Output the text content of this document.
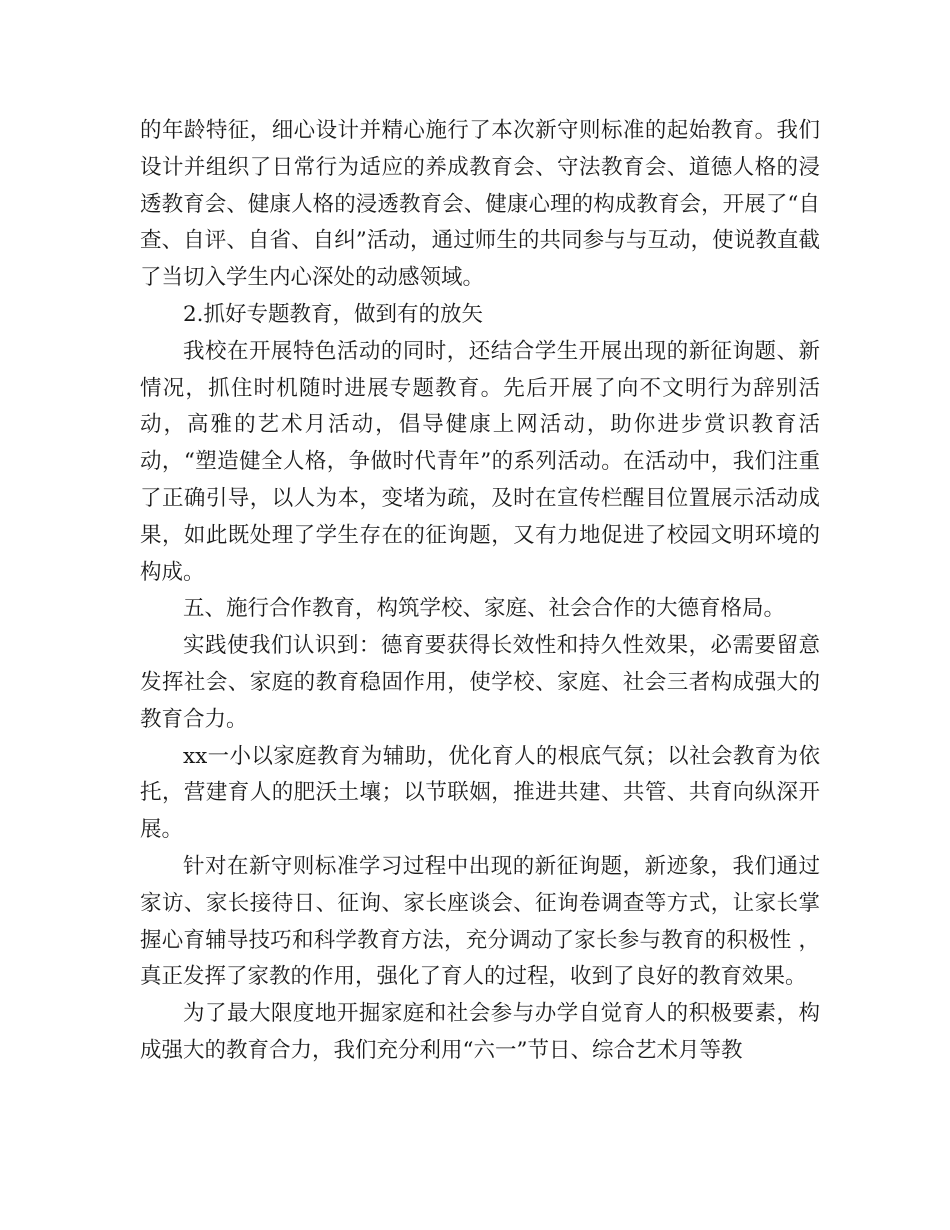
的年龄特征，细心设计并精心施行了本次新守则标准的起始教育。我们设计并组织了日常行为适应的养成教育会、守法教育会、道德人格的浸透教育会、健康人格的浸透教育会、健康心理的构成教育会，开展了“自查、自评、自省、自纠”活动，通过师生的共同参与与互动，使说教直截了当切入学生内心深处的动感领域。

2.抓好专题教育，做到有的放矢

我校在开展特色活动的同时，还结合学生开展出现的新征询题、新情况，抓住时机随时进展专题教育。先后开展了向不文明行为辞别活动，高雅的艺术月活动，倡导健康上网活动，助你进步赏识教育活动，“塑造健全人格，争做时代青年”的系列活动。在活动中，我们注重了正确引导，以人为本，变堵为疏，及时在宣传栏醒目位置展示活动成果，如此既处理了学生存在的征询题，又有力地促进了校园文明环境的构成。

五、施行合作教育，构筑学校、家庭、社会合作的大德育格局。

实践使我们认识到：德育要获得长效性和持久性效果，必需要留意发挥社会、家庭的教育稳固作用，使学校、家庭、社会三者构成强大的教育合力。

xx一小以家庭教育为辅助，优化育人的根底气氛；以社会教育为依托，营建育人的肥沃土壤；以节联姻，推进共建、共管、共育向纵深开展。

针对在新守则标准学习过程中出现的新征询题，新迹象，我们通过家访、家长接待日、征询、家长座谈会、征询卷调查等方式，让家长掌握心育辅导技巧和科学教育方法，充分调动了家长参与教育的积极性 ，真正发挥了家教的作用，强化了育人的过程，收到了良好的教育效果。

为了最大限度地开掘家庭和社会参与办学自觉育人的积极要素，构成强大的教育合力，我们充分利用“六一”节日、综合艺术月等教
